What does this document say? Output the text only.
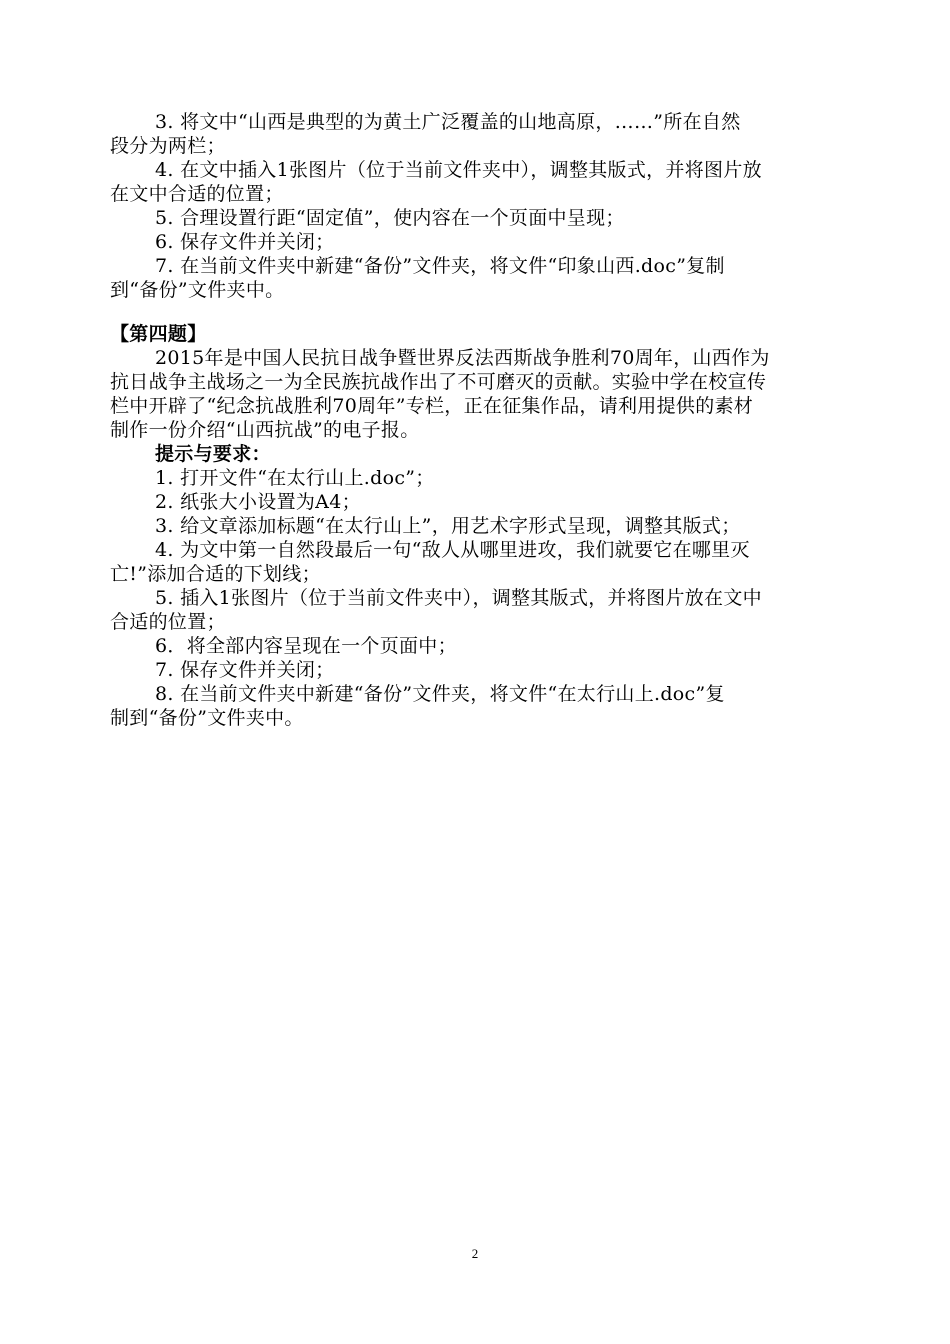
3. 将文中“山西是典型的为黄土广泛覆盖的山地高原，……”所在自然
段分为两栏；
4. 在文中插入1张图片（位于当前文件夹中），调整其版式，并将图片放
在文中合适的位置；
5. 合理设置行距“固定值”，使内容在一个页面中呈现；
6. 保存文件并关闭；
7. 在当前文件夹中新建“备份”文件夹，将文件“印象山西.doc”复制
到“备份”文件夹中。
【第四题】
2015年是中国人民抗日战争暨世界反法西斯战争胜利70周年，山西作为
抗日战争主战场之一为全民族抗战作出了不可磨灭的贡献。实验中学在校宣传
栏中开辟了“纪念抗战胜利70周年”专栏，正在征集作品，请利用提供的素材
制作一份介绍“山西抗战”的电子报。
提示与要求：
1. 打开文件“在太行山上.doc”；
2. 纸张大小设置为A4；
3. 给文章添加标题“在太行山上”，用艺术字形式呈现，调整其版式；
4. 为文中第一自然段最后一句“敌人从哪里进攻，我们就要它在哪里灭
亡!”添加合适的下划线；
5. 插入1张图片（位于当前文件夹中），调整其版式，并将图片放在文中
合适的位置；
6．将全部内容呈现在一个页面中；
7. 保存文件并关闭；
8. 在当前文件夹中新建“备份”文件夹，将文件“在太行山上.doc”复
制到“备份”文件夹中。
2
